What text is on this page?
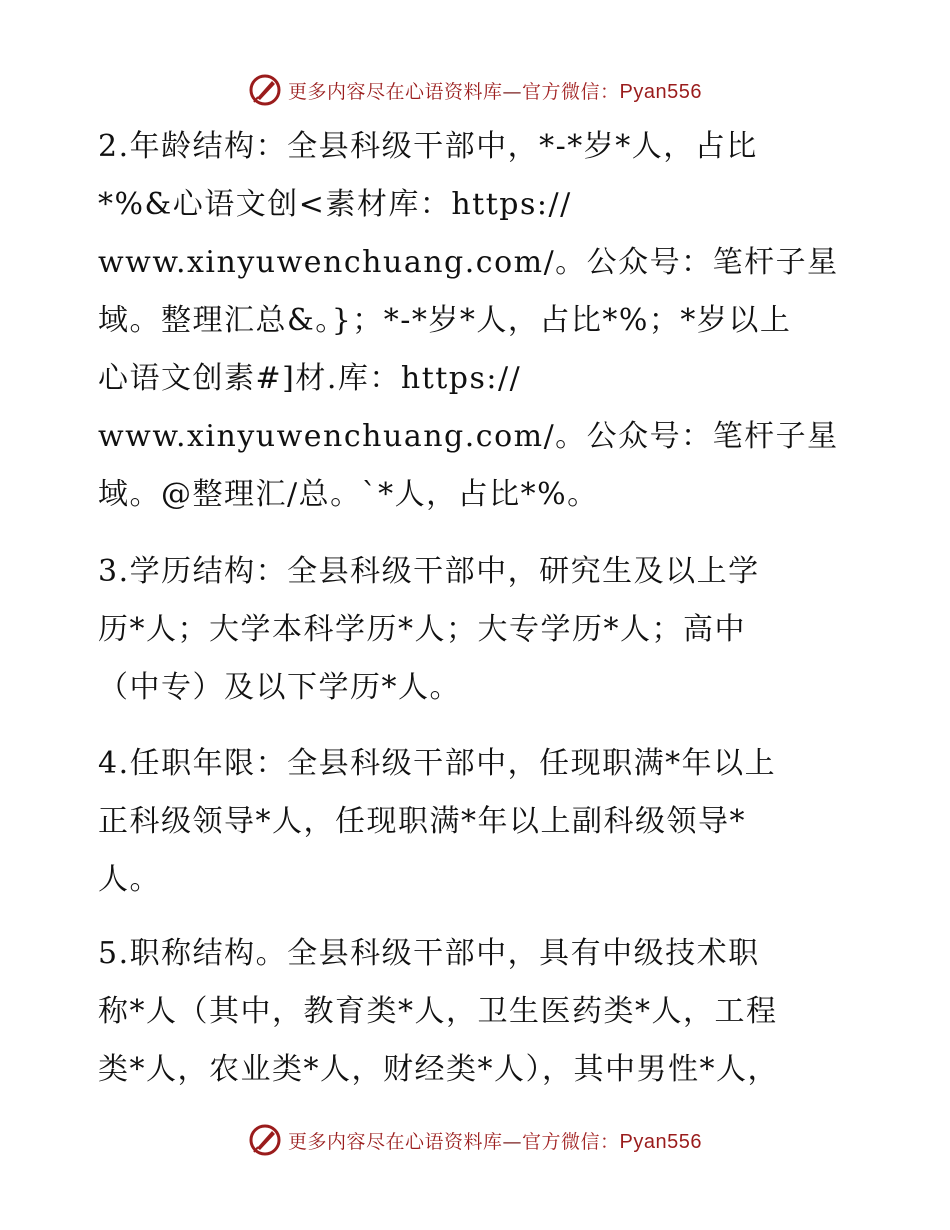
更多内容尽在心语资料库—官方微信：Pyan556

2.年龄结构：全县科级干部中，*-*岁*人，占比
*%&心语文创<素材库：https://
www.xinyuwenchuang.com/。公众号：笔杆子星
域。整理汇总&。}；*-*岁*人，占比*%；*岁以上
心语文创素#]材.库：https://
www.xinyuwenchuang.com/。公众号：笔杆子星
域。@整理汇/总。`*人，占比*%。

3.学历结构：全县科级干部中，研究生及以上学
历*人；大学本科学历*人；大专学历*人；高中
（中专）及以下学历*人。

4.任职年限：全县科级干部中，任现职满*年以上
正科级领导*人，任现职满*年以上副科级领导*
人。

5.职称结构。全县科级干部中，具有中级技术职
称*人（其中，教育类*人，卫生医药类*人，工程
类*人，农业类*人，财经类*人），其中男性*人，

更多内容尽在心语资料库—官方微信：Pyan556
